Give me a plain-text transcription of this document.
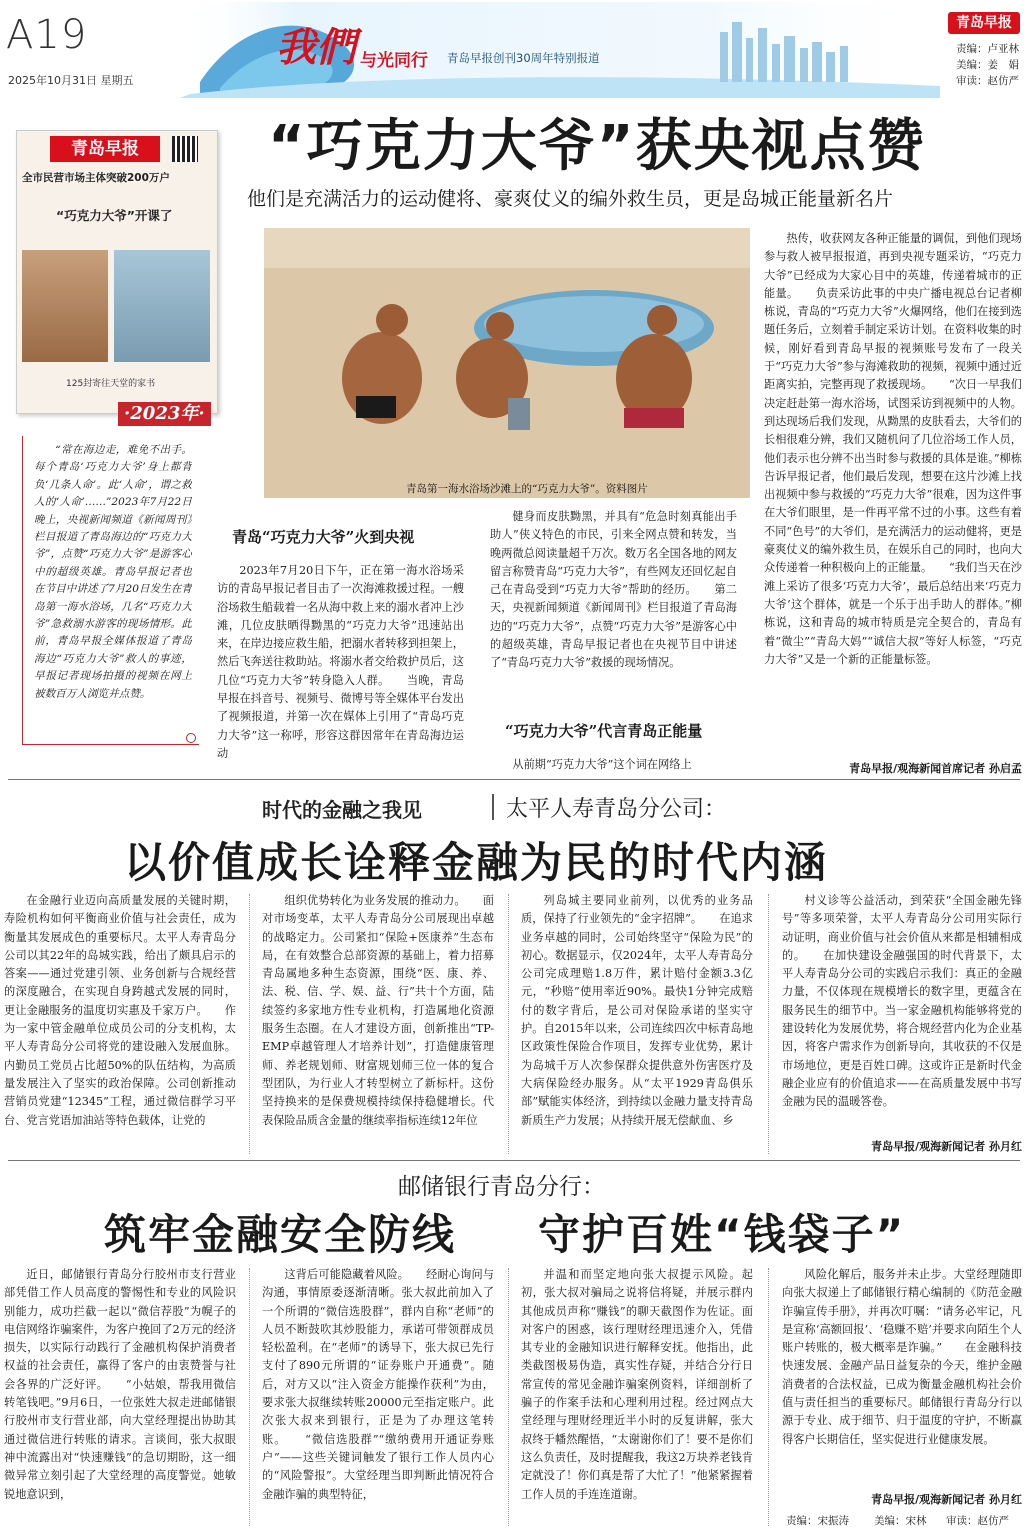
A19
2025年10月31日 星期五
我們 与光同行 青岛早报创刊30周年特别报道
青岛早报
责编：卢亚林
美编：姜　娟
审读：赵仿严
青岛早报
全市民营市场主体突破200万户
“巧克力大爷”开课了
125封寄往天堂的家书
·2023年·

“常在海边走，难免不出手。每个青岛‘巧克力大爷’身上都背负‘几条人命’。此‘人命’，谓之救人的‘人命’……”2023年7月22日晚上，央视新闻频道《新闻周刊》栏目报道了青岛海边的“巧克力大爷”，点赞“巧克力大爷”是游客心中的超级英雄。青岛早报记者也在节目中讲述了7月20日发生在青岛第一海水浴场，几名“巧克力大爷”急救溺水游客的现场情形。此前，青岛早报全媒体报道了青岛海边“巧克力大爷”救人的事迹，早报记者现场拍摄的视频在网上被数百万人浏览并点赞。

“巧克力大爷”获央视点赞
他们是充满活力的运动健将、豪爽仗义的编外救生员，更是岛城正能量新名片
青岛第一海水浴场沙滩上的“巧克力大爷”。资料图片
青岛“巧克力大爷”火到央视

2023年7月20日下午，正在第一海水浴场采访的青岛早报记者目击了一次海滩救援过程。一艘浴场救生船载着一名从海中救上来的溺水者冲上沙滩，几位皮肤晒得黝黑的“巧克力大爷”迅速站出来，在岸边接应救生船，把溺水者转移到担架上，然后飞奔送往救助站。将溺水者交给救护员后，这几位“巧克力大爷”转身隐入人群。　　当晚，青岛早报在抖音号、视频号、微博号等全媒体平台发出了视频报道，并第一次在媒体上引用了“青岛巧克力大爷”这一称呼，形容这群因常年在青岛海边运动

健身而皮肤黝黑，并具有“危急时刻真能出手助人”侠义特色的市民，引来全网点赞和转发，当晚两微总阅读量超千万次。数万名全国各地的网友留言称赞青岛“巧克力大爷”，有些网友还回忆起自己在青岛受到“巧克力大爷”帮助的经历。　　第二天，央视新闻频道《新闻周刊》栏目报道了青岛海边的“巧克力大爷”，点赞“巧克力大爷”是游客心中的超级英雄，青岛早报记者也在央视节目中讲述了“青岛巧克力大爷”救援的现场情况。

“巧克力大爷”代言青岛正能量

从前期“巧克力大爷”这个词在网络上

热传，收获网友各种正能量的调侃，到他们现场参与救人被早报报道，再到央视专题采访，“巧克力大爷”已经成为大家心目中的英雄，传递着城市的正能量。　　负责采访此事的中央广播电视总台记者柳栋说，青岛的“巧克力大爷”火爆网络，他们在接到选题任务后，立刻着手制定采访计划。在资料收集的时候，刚好看到青岛早报的视频账号发布了一段关于“巧克力大爷”参与海滩救助的视频，视频中通过近距离实拍，完整再现了救援现场。　　“次日一早我们决定赶赴第一海水浴场，试图采访到视频中的人物。到达现场后我们发现，从黝黑的皮肤看去，大爷们的长相很难分辨，我们又随机问了几位浴场工作人员，他们表示也分辨不出当时参与救援的具体是谁。”柳栋告诉早报记者，他们最后发现，想要在这片沙滩上找出视频中参与救援的“巧克力大爷”很难，因为这件事在大爷们眼里，是一件再平常不过的小事。这些有着不同“色号”的大爷们，是充满活力的运动健将，更是豪爽仗义的编外救生员，在娱乐自己的同时，也向大众传递着一种积极向上的正能量。　　“我们当天在沙滩上采访了很多‘巧克力大爷’，最后总结出来‘巧克力大爷’这个群体，就是一个乐于出手助人的群体。”柳栋说，这和青岛的城市特质是完全契合的，青岛有着“微尘”“青岛大妈”“诚信大叔”等好人标签，“巧克力大爷”又是一个新的正能量标签。

青岛早报/观海新闻首席记者 孙启孟
时代的金融之我见	太平人寿青岛分公司：
以价值成长诠释金融为民的时代内涵

在金融行业迈向高质量发展的关键时期，寿险机构如何平衡商业价值与社会责任，成为衡量其发展成色的重要标尺。太平人寿青岛分公司以其22年的岛城实践，给出了颇具启示的答案——通过党建引领、业务创新与合规经营的深度融合，在实现自身跨越式发展的同时，更让金融服务的温度切实惠及千家万户。　　作为一家中管金融单位成员公司的分支机构，太平人寿青岛分公司将党的建设融入发展血脉。内勤员工党员占比超50%的队伍结构，为高质量发展注入了坚实的政治保障。公司创新推动营销员党建“12345”工程，通过微信群学习平台、党言党语加油站等特色载体，让党的

组织优势转化为业务发展的推动力。　　面对市场变革，太平人寿青岛分公司展现出卓越的战略定力。公司紧扣“保险+医康养”生态布局，在有效整合总部资源的基础上，着力招募青岛属地多种生态资源，围绕“医、康、养、法、税、信、学、娱、益、行”共十个方面，陆续签约多家地方性专业机构，打造属地化资源服务生态圈。在人才建设方面，创新推出“TP-EMP卓越管理人才培养计划”，打造健康管理师、养老规划师、财富规划师三位一体的复合型团队，为行业人才转型树立了新标杆。这份坚持换来的是保费规模持续保持稳健增长。代表保险品质含金量的继续率指标连续12年位

列岛城主要同业前列，以优秀的业务品质，保持了行业领先的“金字招牌”。　　在追求业务卓越的同时，公司始终坚守“保险为民”的初心。数据显示，仅2024年，太平人寿青岛分公司完成理赔1.8万件，累计赔付金额3.3亿元，“秒赔”使用率近90%。最快1分钟完成赔付的数字背后，是公司对保险承诺的坚实守护。自2015年以来，公司连续四次中标青岛地区政策性保险合作项目，发挥专业优势，累计为岛城千万人次参保群众提供意外伤害医疗及大病保险经办服务。从“太平1929青岛俱乐部”赋能实体经济，到持续以金融力量支持青岛新质生产力发展；从持续开展无偿献血、乡

村义诊等公益活动，到荣获“全国金融先锋号”等多项荣誉，太平人寿青岛分公司用实际行动证明，商业价值与社会价值从来都是相辅相成的。　　在加快建设金融强国的时代背景下，太平人寿青岛分公司的实践启示我们：真正的金融力量，不仅体现在规模增长的数字里，更蕴含在服务民生的细节中。当一家金融机构能够将党的建设转化为发展优势，将合规经营内化为企业基因，将客户需求作为创新导向，其收获的不仅是市场地位，更是百姓口碑。这或许正是新时代金融企业应有的价值追求——在高质量发展中书写金融为民的温暖答卷。

青岛早报/观海新闻记者 孙月红
邮储银行青岛分行：
筑牢金融安全防线 守护百姓“钱袋子”

近日，邮储银行青岛分行胶州市支行营业部凭借工作人员高度的警惕性和专业的风险识别能力，成功拦截一起以“微信荐股”为幌子的电信网络诈骗案件，为客户挽回了2万元的经济损失，以实际行动践行了金融机构保护消费者权益的社会责任，赢得了客户的由衷赞誉与社会各界的广泛好评。　　“小姑娘，帮我用微信转笔钱吧。”9月6日，一位张姓大叔走进邮储银行胶州市支行营业部，向大堂经理提出协助其通过微信进行转账的请求。言谈间，张大叔眼神中流露出对“快速赚钱”的急切期盼，这一细微异常立刻引起了大堂经理的高度警觉。她敏锐地意识到，

这背后可能隐藏着风险。　　经耐心询问与沟通，事情原委逐渐清晰。张大叔此前加入了一个所谓的“微信选股群”，群内自称“老师”的人员不断鼓吹其炒股能力，承诺可带领群成员轻松盈利。在“老师”的诱导下，张大叔已先行支付了890元所谓的“证券账户开通费”。随后，对方又以“注入资金方能操作获利”为由，要求张大叔继续转账20000元至指定账户。此次张大叔来到银行，正是为了办理这笔转账。　　“微信选股群”“缴纳费用开通证券账户”——这些关键词触发了银行工作人员内心的“风险警报”。大堂经理当即判断此情况符合金融诈骗的典型特征，

并温和而坚定地向张大叔提示风险。起初，张大叔对骗局之说将信将疑，并展示群内其他成员声称“赚钱”的聊天截图作为佐证。面对客户的困惑，该行理财经理迅速介入，凭借其专业的金融知识进行解释安抚。他指出，此类截图极易伪造，真实性存疑，并结合分行日常宣传的常见金融诈骗案例资料，详细剖析了骗子的作案手法和心理利用过程。经过网点大堂经理与理财经理近半小时的反复讲解，张大叔终于幡然醒悟，“太谢谢你们了！要不是你们这么负责任，及时提醒我，我这2万块养老钱肯定就没了！你们真是帮了大忙了！”他紧紧握着工作人员的手连连道谢。

风险化解后，服务并未止步。大堂经理随即向张大叔递上了邮储银行精心编制的《防范金融诈骗宣传手册》，并再次叮嘱：“请务必牢记，凡是宣称‘高额回报’、‘稳赚不赔’并要求向陌生个人账户转账的，极大概率是诈骗。”　　在金融科技快速发展、金融产品日益复杂的今天，维护金融消费者的合法权益，已成为衡量金融机构社会价值与责任担当的重要标尺。邮储银行青岛分行以源于专业、成于细节、归于温度的守护，不断赢得客户长期信任，坚实促进行业健康发展。

青岛早报/观海新闻记者 孙月红
责编：宋振涛 美编：宋林 审读：赵仿严
